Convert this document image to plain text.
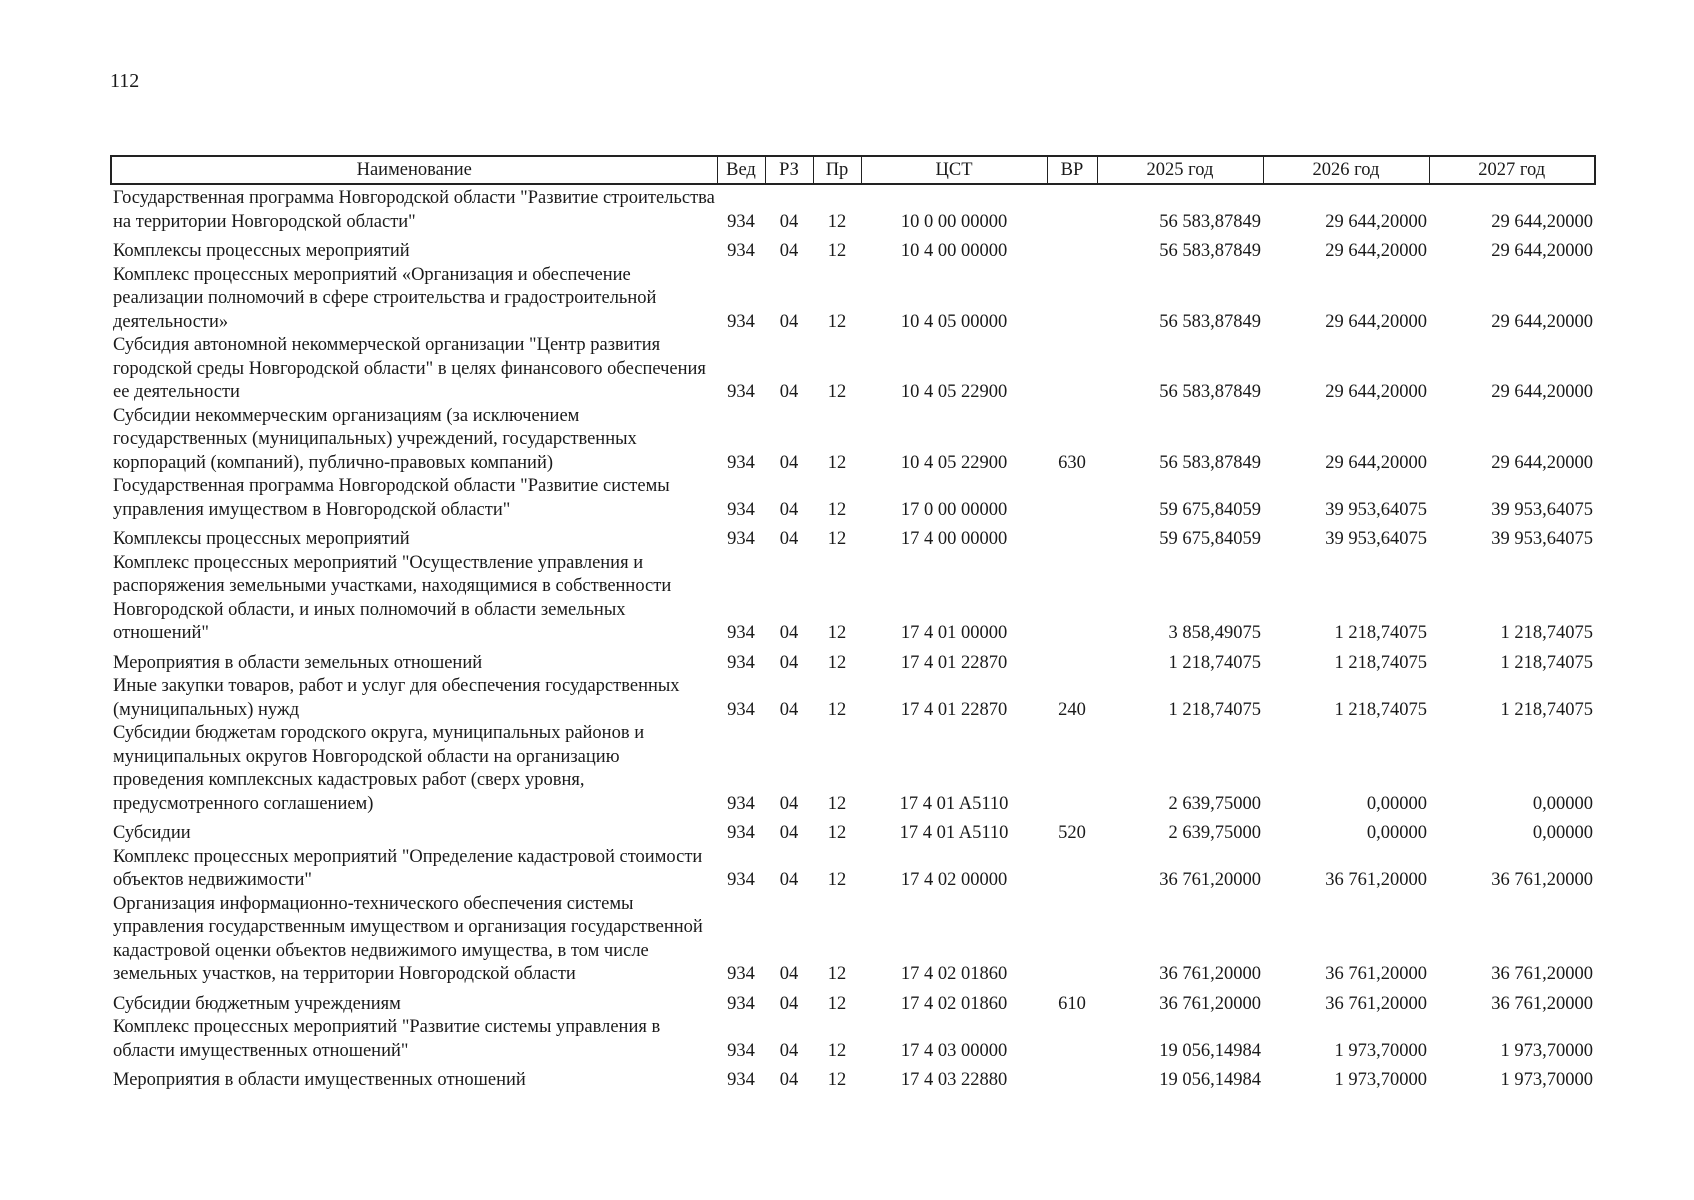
112
Наименование	Вед	РЗ	Пр	ЦСТ	ВР	2025 год	2026 год	2027 год
Государственная программа Новгородской области "Развитие строительства на территории Новгородской области"	934	04	12	10 0 00 00000		56 583,87849	29 644,20000	29 644,20000
Комплексы процессных мероприятий	934	04	12	10 4 00 00000		56 583,87849	29 644,20000	29 644,20000
Комплекс процессных мероприятий «Организация и обеспечение реализации полномочий в сфере строительства и градостроительной деятельности»	934	04	12	10 4 05 00000		56 583,87849	29 644,20000	29 644,20000
Субсидия автономной некоммерческой организации "Центр развития городской среды Новгородской области" в целях финансового обеспечения ее деятельности	934	04	12	10 4 05 22900		56 583,87849	29 644,20000	29 644,20000
Субсидии некоммерческим организациям (за исключением государственных (муниципальных) учреждений, государственных корпораций (компаний), публично-правовых компаний)	934	04	12	10 4 05 22900	630	56 583,87849	29 644,20000	29 644,20000
Государственная программа Новгородской области "Развитие системы управления имуществом в Новгородской области"	934	04	12	17 0 00 00000		59 675,84059	39 953,64075	39 953,64075
Комплексы процессных мероприятий	934	04	12	17 4 00 00000		59 675,84059	39 953,64075	39 953,64075
Комплекс процессных мероприятий "Осуществление управления и распоряжения земельными участками, находящимися в собственности Новгородской области, и иных полномочий в области земельных отношений"	934	04	12	17 4 01 00000		3 858,49075	1 218,74075	1 218,74075
Мероприятия в области земельных отношений	934	04	12	17 4 01 22870		1 218,74075	1 218,74075	1 218,74075
Иные закупки товаров, работ и услуг для обеспечения государственных (муниципальных) нужд	934	04	12	17 4 01 22870	240	1 218,74075	1 218,74075	1 218,74075
Субсидии бюджетам городского округа, муниципальных районов и муниципальных округов Новгородской области на организацию проведения комплексных кадастровых работ (сверх уровня, предусмотренного соглашением)	934	04	12	17 4 01 A5110		2 639,75000	0,00000	0,00000
Субсидии	934	04	12	17 4 01 A5110	520	2 639,75000	0,00000	0,00000
Комплекс процессных мероприятий "Определение кадастровой стоимости объектов недвижимости"	934	04	12	17 4 02 00000		36 761,20000	36 761,20000	36 761,20000
Организация информационно-технического обеспечения системы управления государственным имуществом и организация государственной кадастровой оценки объектов недвижимого имущества, в том числе земельных участков, на территории Новгородской области	934	04	12	17 4 02 01860		36 761,20000	36 761,20000	36 761,20000
Субсидии бюджетным учреждениям	934	04	12	17 4 02 01860	610	36 761,20000	36 761,20000	36 761,20000
Комплекс процессных мероприятий "Развитие системы управления в области имущественных отношений"	934	04	12	17 4 03 00000		19 056,14984	1 973,70000	1 973,70000
Мероприятия в области имущественных отношений	934	04	12	17 4 03 22880		19 056,14984	1 973,70000	1 973,70000
